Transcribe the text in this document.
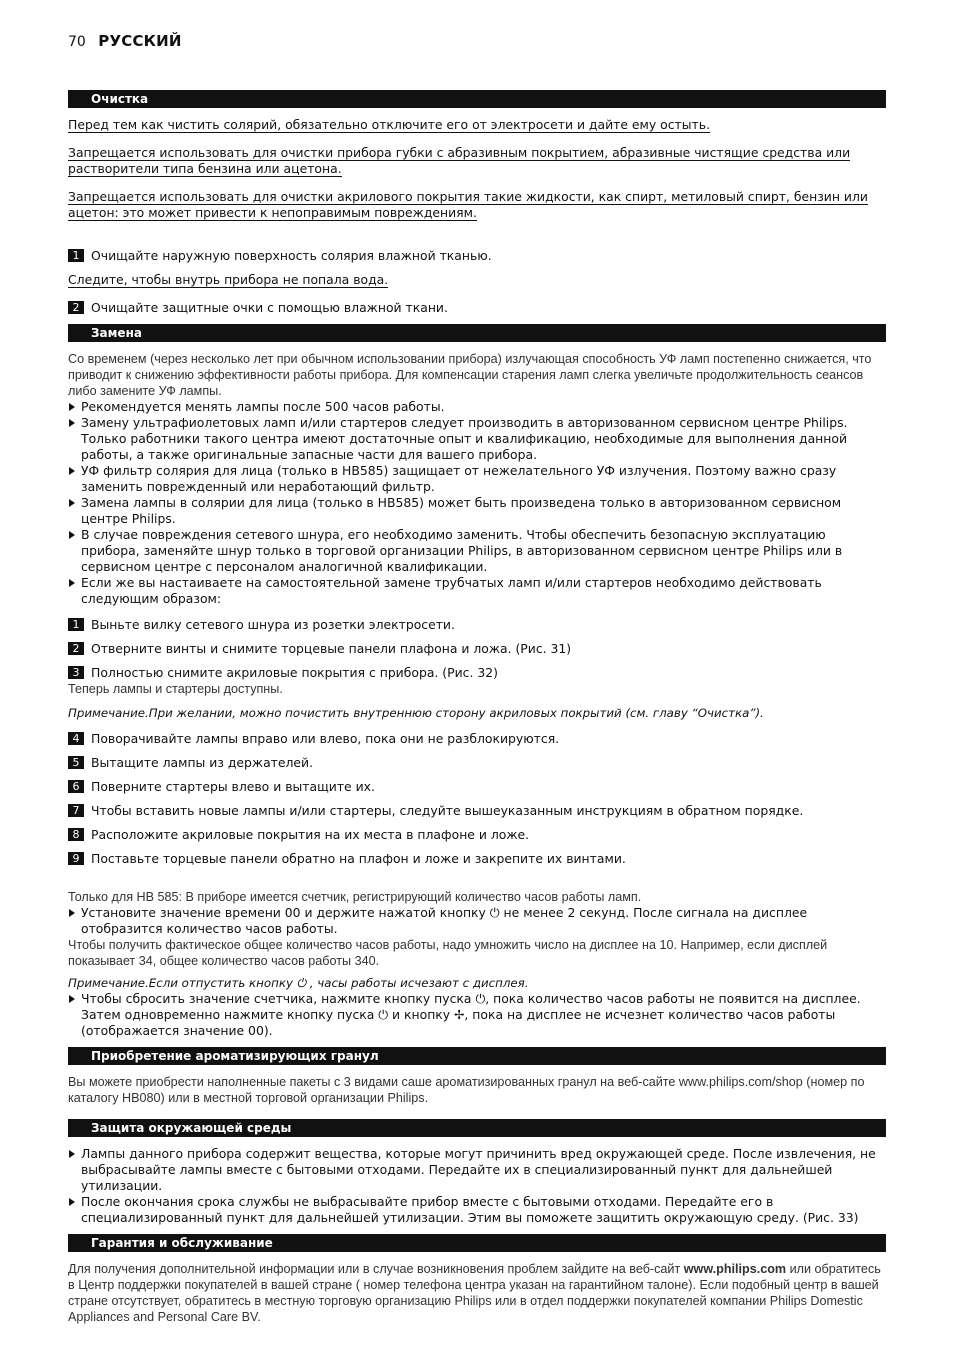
70 РУССКИЙ
Очистка
Перед тем как чистить солярий, обязательно отключите его от электросети и дайте ему остыть.
Запрещается использовать для очистки прибора губки с абразивным покрытием, абразивные чистящие средства или растворители типа бензина или ацетона.
Запрещается использовать для очистки акрилового покрытия такие жидкости, как спирт, метиловый спирт, бензин или ацетон: это может привести к непоправимым повреждениям.
1 Очищайте наружную поверхность солярия влажной тканью.
Следите, чтобы внутрь прибора не попала вода.
2 Очищайте защитные очки с помощью влажной ткани.
Замена

Со временем (через несколько лет при обычном использовании прибора) излучающая способность УФ ламп постепенно снижается, что приводит к снижению эффективности работы прибора. Для компенсации старения ламп слегка увеличьте продолжительность сеансов либо замените УФ лампы.

Рекомендуется менять лампы после 500 часов работы.
Замену ультрафиолетовых ламп и/или стартеров следует производить в авторизованном сервисном центре Philips. Только работники такого центра имеют достаточные опыт и квалификацию, необходимые для выполнения данной работы, а также оригинальные запасные части для вашего прибора.
УФ фильтр солярия для лица (только в HB585) защищает от нежелательного УФ излучения. Поэтому важно сразу заменить поврежденный или неработающий фильтр.
Замена лампы в солярии для лица (только в HB585) может быть произведена только в авторизованном сервисном центре Philips.
В случае повреждения сетевого шнура, его необходимо заменить. Чтобы обеспечить безопасную эксплуатацию прибора, заменяйте шнур только в торговой организации Philips, в авторизованном сервисном центре Philips или в сервисном центре с персоналом аналогичной квалификации.
Если же вы настаиваете на самостоятельной замене трубчатых ламп и/или стартеров необходимо действовать следующим образом:
1 Выньте вилку сетевого шнура из розетки электросети.
2 Отверните винты и снимите торцевые панели плафона и ложа. (Рис. 31)
3 Полностью снимите акриловые покрытия с прибора. (Рис. 32)

Теперь лампы и стартеры доступны.

Примечание.При желании, можно почистить внутреннюю сторону акриловых покрытий (см. главу “Очистка”).

4 Поворачивайте лампы вправо или влево, пока они не разблокируются.
5 Вытащите лампы из держателей.
6 Поверните стартеры влево и вытащите их.
7 Чтобы вставить новые лампы и/или стартеры, следуйте вышеуказанным инструкциям в обратном порядке.
8 Расположите акриловые покрытия на их места в плафоне и ложе.
9 Поставьте торцевые панели обратно на плафон и ложе и закрепите их винтами.

Только для HB 585: В приборе имеется счетчик, регистрирующий количество часов работы ламп.

Установите значение времени 00 и держите нажатой кнопку ⏻ не менее 2 секунд. После сигнала на дисплее отобразится количество часов работы.

Чтобы получить фактическое общее количество часов работы, надо умножить число на дисплее на 10. Например, если дисплей показывает 34, общее количество часов работы 340.

Примечание.Если отпустить кнопку ⏻ , часы работы исчезают с дисплея.

Чтобы сбросить значение счетчика, нажмите кнопку пуска ⏻, пока количество часов работы не появится на дисплее. Затем одновременно нажмите кнопку пуска ⏻ и кнопку ✢, пока на дисплее не исчезнет количество часов работы (отображается значение 00).
Приобретение ароматизирующих гранул

Вы можете приобрести наполненные пакеты с 3 видами саше ароматизированных гранул на веб-сайте www.philips.com/shop (номер по каталогу HB080) или в местной торговой организации Philips.

Защита окружающей среды
Лампы данного прибора содержит вещества, которые могут причинить вред окружающей среде. После извлечения, не выбрасывайте лампы вместе с бытовыми отходами. Передайте их в специализированный пункт для дальнейшей утилизации.
После окончания срока службы не выбрасывайте прибор вместе с бытовыми отходами. Передайте его в специализированный пункт для дальнейшей утилизации. Этим вы поможете защитить окружающую среду. (Рис. 33)
Гарантия и обслуживание

Для получения дополнительной информации или в случае возникновения проблем зайдите на веб-сайт www.philips.com или обратитесь в Центр поддержки покупателей в вашей стране ( номер телефона центра указан на гарантийном талоне). Если подобный центр в вашей стране отсутствует, обратитесь в местную торговую организацию Philips или в отдел поддержки покупателей компании Philips Domestic Appliances and Personal Care BV.
